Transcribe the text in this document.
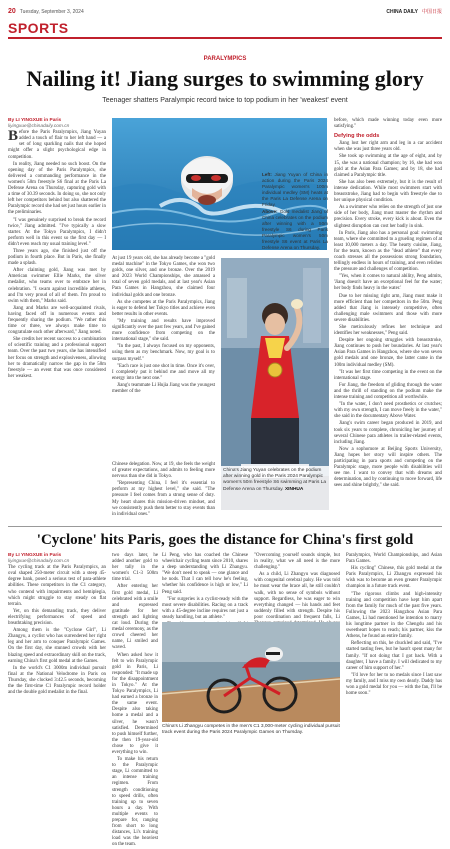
20 Tuesday, September 3, 2024	CHINA DAILY 中国日报
SPORTS
PARALYMPICS
Nailing it! Jiang surges to swimming glory
Teenager shatters Paralympic record twice to top podium in her 'weakest' event
By LI YINGXUE in Paris
liyingxue@chinadaily.com.cn

Before the Paris Paralympics, Jiang Yuyan added a touch of flair to her left hand — a set of long sparkling nails that she hoped might offer a slight psychological edge in competition.

In reality, Jiang needed no such boost. On the opening day of the Paris Paralympics, she delivered a commanding performance in the women's 50m freestyle S6 final at the Paris La Defense Arena on Thursday, capturing gold with a time of 30.39 seconds. In doing so, she not only left her competitors behind but also shattered the Paralympic record she had set just hours earlier in the preliminaries.

"I was genuinely surprised to break the record twice," Jiang admitted. "I've typically a slow starter. At the Tokyo Paralympics, I didn't perform well in this event so the first day — I didn't even reach my usual training level."

Three years ago, she finished just off the podium in fourth place. But in Paris, she finally made a splash.

After claiming gold, Jiang was met by American swimmer Ellie Marks, the silver medalist, who teams over to embrace her in celebration. "I swam against incredible athletes, and I'm very proud of all of them. I'm proud to swim with them," Marks said.

Jiang and Marks are well-acquainted rivals, having faced off in numerous events and frequently sharing the podium. "We rather this time or three, we always make time to congratulate each other afterward," Jiang noted.

She credits her recent success to a combination of scientific training and a professional support team. Over the past two years, she has intensified her focus on strength and explosiveness, allowing her to dramatically narrow the gap in the 50m freestyle — an event that was once considered her weakest.

At just 19 years old, she has already become a "gold medal machine" in the Tokyo Games, she won two golds, one silver, and one bronze. Over the 2019 and 2023 World Championships, she amassed a total of seven gold medals, and at last year's Asian Para Games in Hangzhou, she claimed four individual golds and one bronze.

As she competes at the Paris Paralympics, Jiang is eager to defend her Tokyo titles and achieve even better results in other events.

"My training and results have improved significantly over the past few years, and I've gained more confidence from competing on the international stage," she said.

"In the past, I always focused on my opponents, using them as my benchmark. Now, my goal is to surpass myself."

"Each race is just one shot in time. Once it's over, I completely put it behind me and move all my energy into the next one."

Jiang's teammate Li Hujia Jiang was the youngest member of the

Left: Jiang Yuyan of China in action during the Paris 2024 Paralympic women's 100m individual medley (SM) heats at the Paris La Defense Arena on Friday.

Above: Gold medalist Jiang of China celebrates on the podium after winning with a 50m freestyle S6 during Paris Paralympic women's 50m freestyle S6 event at Paris La Defense Arena on Thursday.

before, which made winning today even more satisfying."

Defying the odds

Jiang lost her right arm and leg in a car accident when she was just three years old.

She took up swimming at the age of eight, and by 15, she was a national champion; by 16, she had won gold at the Asian Para Games; and by 18, she had claimed a Paralympic title.

She has also been extremely, but it is the result of intense dedication. While most swimmers start with breaststroke, Jiang had to begin with freestyle due to her unique physical condition.

As a swimmer who relies on the strength of just one side of her body, Jiang must master the rhythm and precision. Every stroke, every kick is about. Even the slightest disruption can cost her badly in sink.

In Paris, Jiang also has a personal goal: swimming team, where she committed to a grueling regimen of at least 10,000 meters a day. The hearty cuisine, Jiang, for the team, known as the "dead athlete" that every coach stresses all the possessions strong foundation, tellingly endless in hours of training, and even relishes the pressure and challenges of competition.

"Yes, when it comes to natural ability, Peng admits, 'Jiang doesn't have an exceptional feel for the water; her body finds heavy in the water.'

Due to her missing right arm, Jiang must make it more efficient than her competitors in the 50m. Peng added that Jiang is intensely competitive, often challenging male swimmers and those with more severe disabilities.

She meticulously refines her technique and identifies her weaknesses," Peng said.

Despite her ongoing struggles with breaststroke, Jiang continues to push her boundaries. At last year's Asian Para Games in Hangzhou, where she won seven gold medals and one bronze, the latter came in the 100m individual medley (SM).

"It was her first time competing in the event on the international stage.

For Jiang, the freedom of gliding through the water and the thrill of standing on the podium make the intense training and competition all worthwhile.

"In the water, I don't need prosthetics or crutches; with my own strength, I can move freely in the water," she said in the documentary Above Water.

Jiang's swim career began produced in 2019, and took six years to complete, chronicling her journey of several Chinese para athletes in trailer-related events, including Jiang.

Now a sophomore at Beijing Sports University, Jiang hopes her story will inspire others. The participating in para sports and competing on the Paralympic stage, more people with disabilities will see me. I want to convey that with dreams and determination, and by continuing to move forward, life sees and shine brightly," she said.

Chinese delegation. Now, at 19, she feels the weight of greater expectations, and admits to feeling more nervous than she did in Tokyo.

"Representing China, I feel it's essential to perform at my highest level," she said. "The pressure I feel comes from a strong sense of duty. My heart shares this mission-driven mindset, and we consistently push them better to stay events than in individual ones."

'Cyclone' hits Paris, goes the distance for China's first gold
By LI YINGXUE in Paris
liyingxue@chinadaily.com.cn

The cycling track at the Paris Paralympics, an oval shaped 250-meter circuit with a steep 45-degree bank, posed a serious test of para-athlete abilities. These competitors in the C1 category, who contend with impairments and hemiplegia, which might struggle to stay steady on flat terrain.

Yet, on this demanding track, they deliver electrifying performances of speed and breathtaking precision.

Among them is the "Cyclone Girl", Li Zhangyu, a cyclist who has surrendered her right leg and her arm to conquer Paralympic Games. On the first day, she stunned crowds with her blazing speed and extraordinary skill on the track, earning China's first gold medal at the Games.

In the world's C1 3000m individual pursuit final at the National Velodrome in Paris on Thursday, she clocked 3:42.5 seconds, becoming the the first-time C1 Paralympic record holder and the double gold medalist in the final.

two days later, he added another gold to her tally in the women's C1-3 500m time trial.

After entering her first gold medal, Li celebrated with a smile and expressed gratitude for her strength and lighting cat loud. During the medal ceremony, as the crowd cheered her name, Li smiled and waved.

When asked how it felt to win Paralympic gold in Paris, Li responded: "It made up for the disappointment in Tokyo." At the Tokyo Paralympics, Li had earned a bronze in the same event. Despite also taking home a medal and a silver, he wasn't satisfied. Determined to push himself further, the then 19-year-old chose to give it everything to win.

To make his return to the Paralympic stage, Li committed to an intense training regimen. From strength conditioning to speed drills, often training up to seven hours a day. With multiple events to prepare for, ranging from short to long distances, Li's training load was the heaviest on the team.

Li Peng, who has coached the Chinese wheelchair cycling team since 2010, shares a deep understanding with Li Zhangyu. "We don't need to speak — one glance and he nods. That I can tell how he's feeling, whether his confidence is high or low," Li Peng said.

"For surgeries is a cyclist-ready with the most severe disabilities. Racing on a track with a 45-degree incline requires not just a steady handling, but an athlete."

"Overcoming yourself sounds simple, but in reality, what we all need is the more challenging."

As a child, Li Zhangyu was diagnosed with congenital cerebral palsy. He was told he must wear the brace all, he still couldn't walk, with no sense of symbols without support. Regardless, he was eager to win everything changed — his hands and feet suddenly filled with strength. Despite his poor coordination and frequent falls, Li

China's Li Zhangyu competes in the men's C1 3,000-meter cycling individual pursuit track event during the Paris 2024 Paralympic Games on Thursday.

Paralympics, World Championships, and Asian Para Games.

His cycling" Chinese, this gold medal at the Paris Paralympics, Li Zhangyu expressed his wish was to become an even greater Paralympic champion in a future track event.

"The rigorous climbs and high-intensity training and competition have kept him apart from the family for much of the past five years. Following the 2023 Hangzhou Asian Para Games, Li had mentioned he intention to marry his longtime partner in the Chengdu and his sweetheart hopes to reach; his partner, kiss the Athens, he found an entire family.

Reflecting on this, he chuckled and said, "I've started tasting fees, but he hasn't spent many for family. "If not doing that I got back. With a daughter, I have a family. I will dedicated to my career of him support of her."

"I'd love for her to no medals since I last saw my family, and I miss my own dearly. Daddy has won a gold medal for you — with the fan, I'll be home soon."

China's Jiang Yuyan celebrates on the podium after winning gold in the Paris 2024 Paralympic women's 50m freestyle S6 swimming at Paris La Defense Arena on Thursday. XINHUA
